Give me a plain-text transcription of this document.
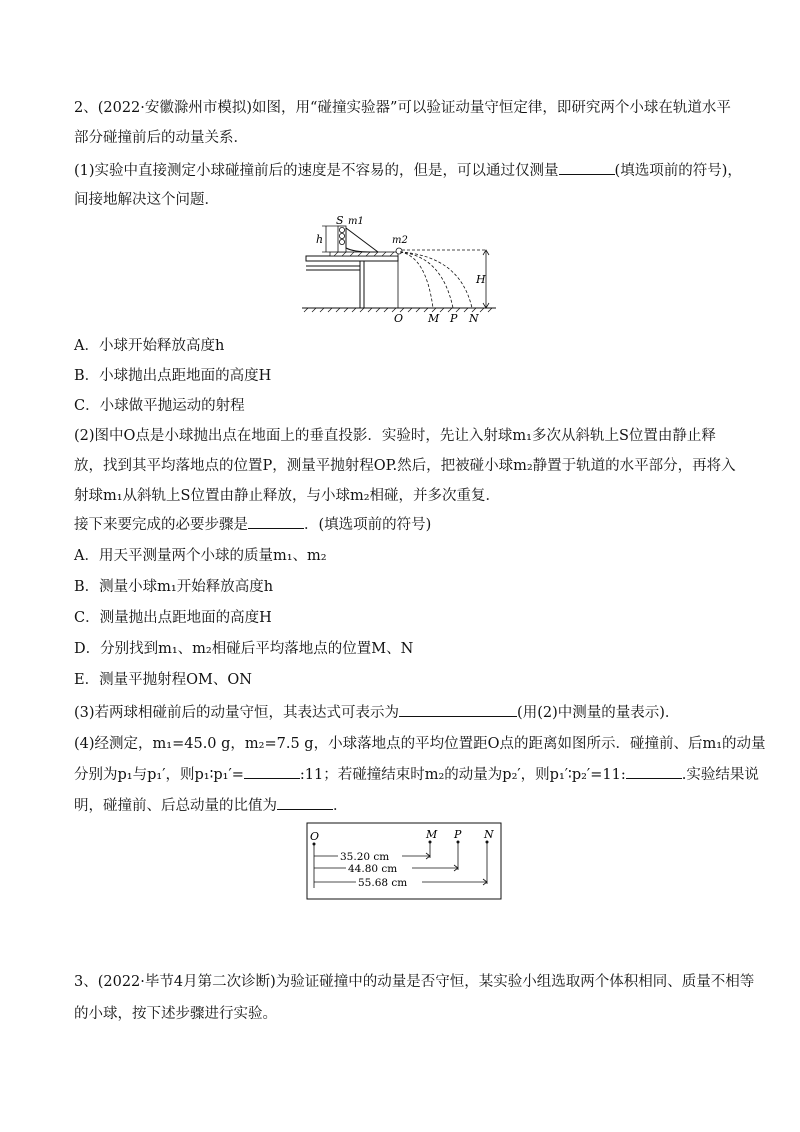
2、(2022·安徽滁州市模拟)如图，用“碰撞实验器”可以验证动量守恒定律，即研究两个小球在轨道水平
部分碰撞前后的动量关系．
(1)实验中直接测定小球碰撞前后的速度是不容易的，但是，可以通过仅测量	(填选项前的符号)，
间接地解决这个问题．
h
S m1
m2
H
O M P N
A．小球开始释放高度h
B．小球抛出点距地面的高度H
C．小球做平抛运动的射程
(2)图中O点是小球抛出点在地面上的垂直投影．实验时，先让入射球m₁多次从斜轨上S位置由静止释
放，找到其平均落地点的位置P，测量平抛射程OP.然后，把被碰小球m₂静置于轨道的水平部分，再将入
射球m₁从斜轨上S位置由静止释放，与小球m₂相碰，并多次重复．
接下来要完成的必要步骤是	．(填选项前的符号)
A．用天平测量两个小球的质量m₁、m₂
B．测量小球m₁开始释放高度h
C．测量抛出点距地面的高度H
D．分别找到m₁、m₂相碰后平均落地点的位置M、N
E．测量平抛射程OM、ON
(3)若两球相碰前后的动量守恒，其表达式可表示为	(用(2)中测量的量表示)．
(4)经测定，m₁=45.0 g，m₂=7.5 g，小球落地点的平均位置距O点的距离如图所示．碰撞前、后m₁的动量
分别为p₁与p₁′，则p₁∶p₁′=	:11；若碰撞结束时m₂的动量为p₂′，则p₁′∶p₂′=11:	.实验结果说
明，碰撞前、后总动量的比值为	．
O	M P N
35.20 cm
44.80 cm
55.68 cm
3、(2022·毕节4月第二次诊断)为验证碰撞中的动量是否守恒，某实验小组选取两个体积相同、质量不相等
的小球，按下述步骤进行实验。
